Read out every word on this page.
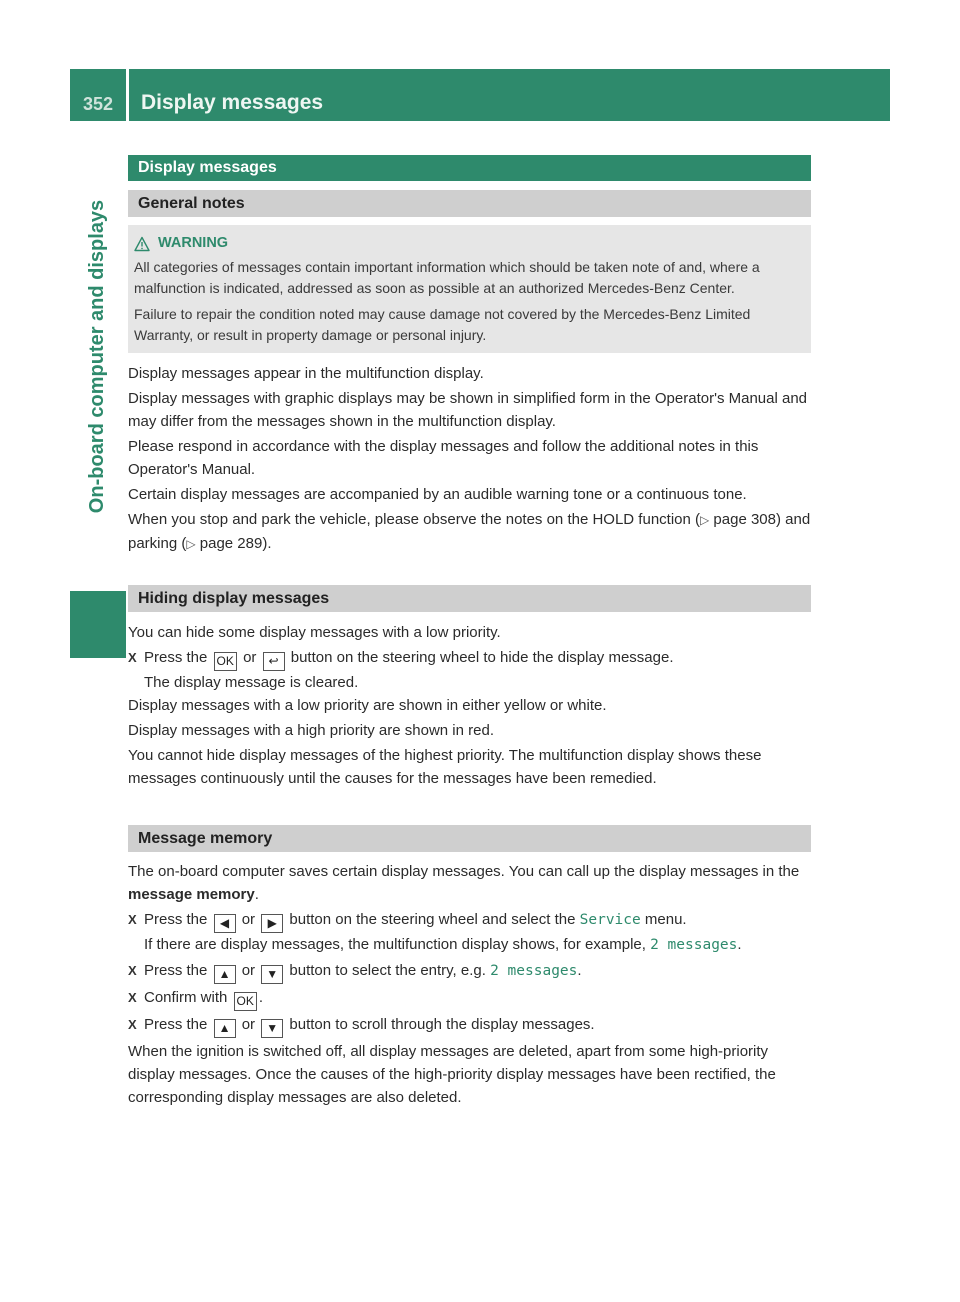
352	Display messages
On-board computer and displays
Display messages
General notes
WARNING

All categories of messages contain important information which should be taken note of and, where a malfunction is indicated, addressed as soon as possible at an authorized Mercedes-Benz Center.

Failure to repair the condition noted may cause damage not covered by the Mercedes-Benz Limited Warranty, or result in property damage or personal injury.

Display messages appear in the multifunction display.

Display messages with graphic displays may be shown in simplified form in the Operator's Manual and may differ from the messages shown in the multifunction display.

Please respond in accordance with the display messages and follow the additional notes in this Operator's Manual.

Certain display messages are accompanied by an audible warning tone or a continuous tone.

When you stop and park the vehicle, please observe the notes on the HOLD function (▷ page 308) and parking (▷ page 289).

Hiding display messages

You can hide some display messages with a low priority.

X Press the OK or ↩ button on the steering wheel to hide the display message.
The display message is cleared.

Display messages with a low priority are shown in either yellow or white.

Display messages with a high priority are shown in red.

You cannot hide display messages of the highest priority. The multifunction display shows these messages continuously until the causes for the messages have been remedied.

Message memory

The on-board computer saves certain display messages. You can call up the display messages in the message memory.

X Press the ◀ or ▶ button on the steering wheel and select the Service menu.
If there are display messages, the multifunction display shows, for example, 2 messages.
X Press the ▲ or ▼ button to select the entry, e.g. 2 messages.
X Confirm with OK .
X Press the ▲ or ▼ button to scroll through the display messages.

When the ignition is switched off, all display messages are deleted, apart from some high-priority display messages. Once the causes of the high-priority display messages have been rectified, the corresponding display messages are also deleted.
